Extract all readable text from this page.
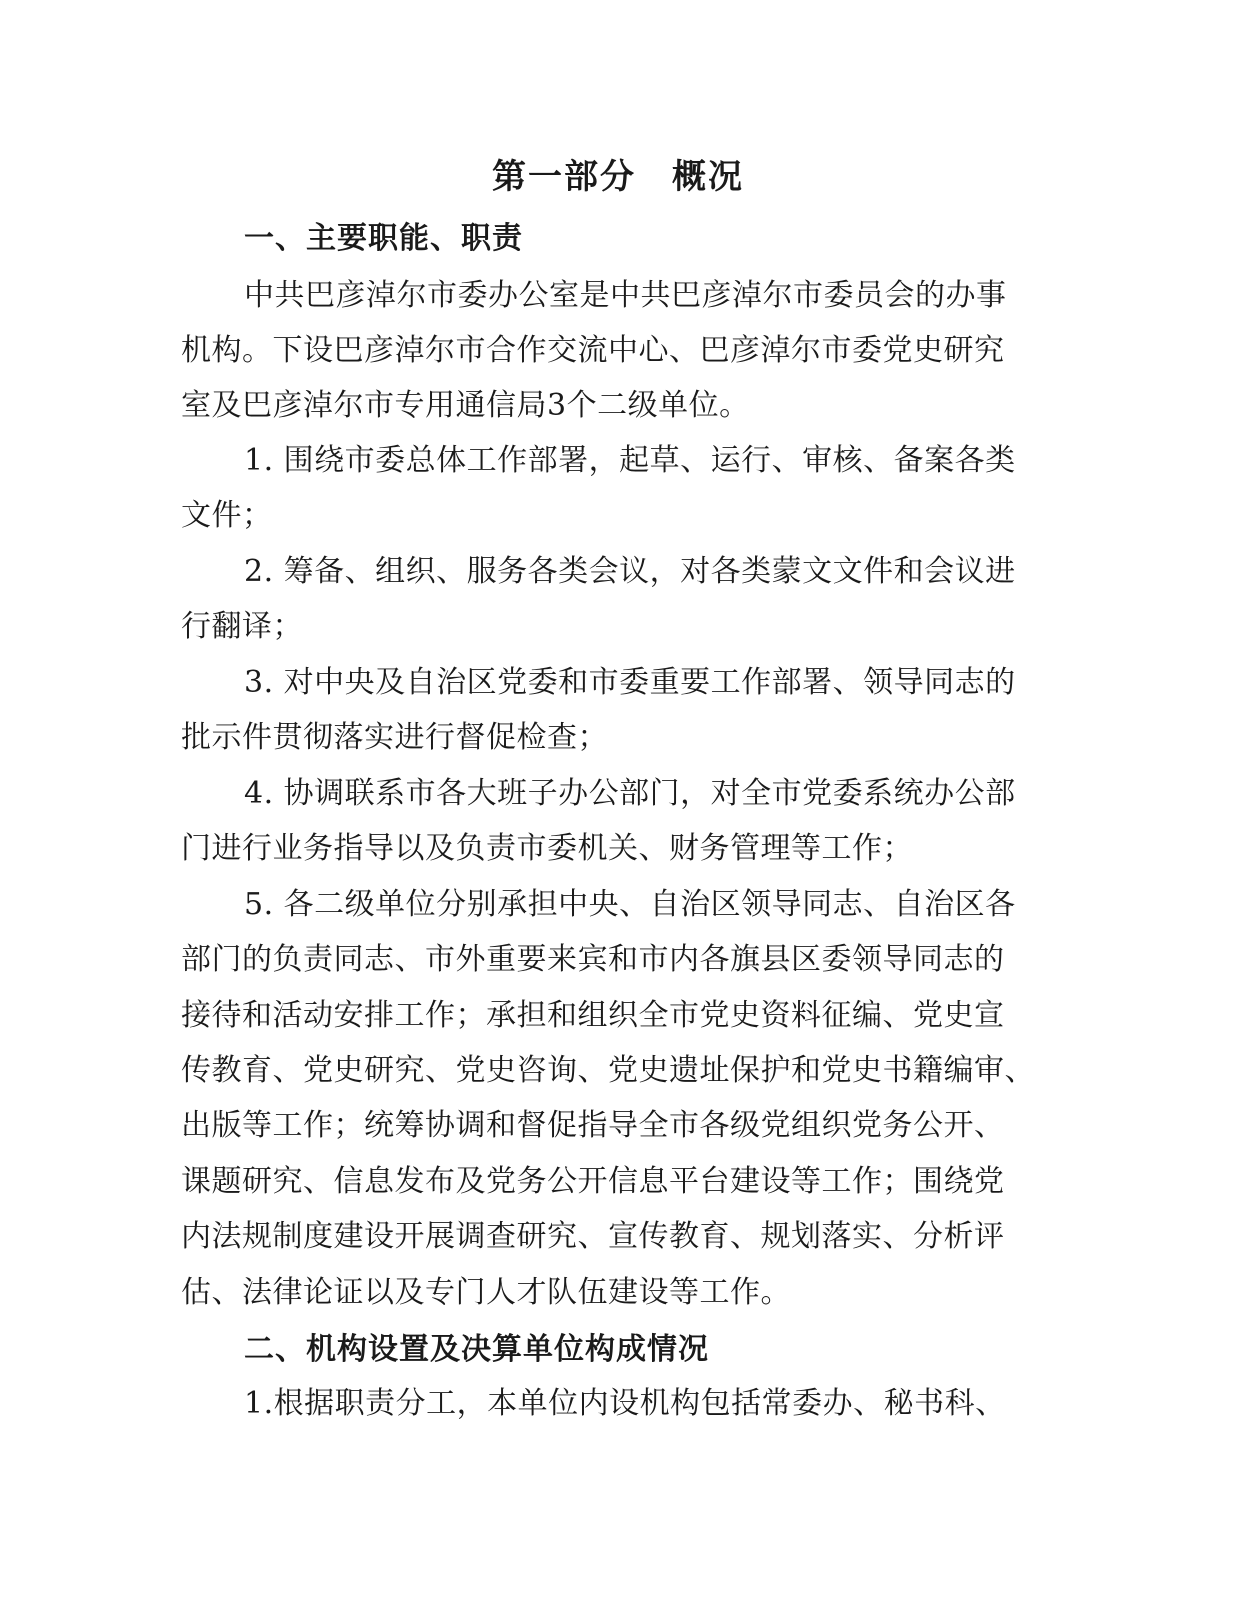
第一部分　概况
一、主要职能、职责
中共巴彦淖尔市委办公室是中共巴彦淖尔市委员会的办事
机构。下设巴彦淖尔市合作交流中心、巴彦淖尔市委党史研究
室及巴彦淖尔市专用通信局3个二级单位。
1. 围绕市委总体工作部署，起草、运行、审核、备案各类
文件；
2. 筹备、组织、服务各类会议，对各类蒙文文件和会议进
行翻译；
3. 对中央及自治区党委和市委重要工作部署、领导同志的
批示件贯彻落实进行督促检查；
4. 协调联系市各大班子办公部门，对全市党委系统办公部
门进行业务指导以及负责市委机关、财务管理等工作；
5. 各二级单位分别承担中央、自治区领导同志、自治区各
部门的负责同志、市外重要来宾和市内各旗县区委领导同志的
接待和活动安排工作；承担和组织全市党史资料征编、党史宣
传教育、党史研究、党史咨询、党史遗址保护和党史书籍编审、
出版等工作；统筹协调和督促指导全市各级党组织党务公开、
课题研究、信息发布及党务公开信息平台建设等工作；围绕党
内法规制度建设开展调查研究、宣传教育、规划落实、分析评
估、法律论证以及专门人才队伍建设等工作。
二、机构设置及决算单位构成情况
1.根据职责分工，本单位内设机构包括常委办、秘书科、
